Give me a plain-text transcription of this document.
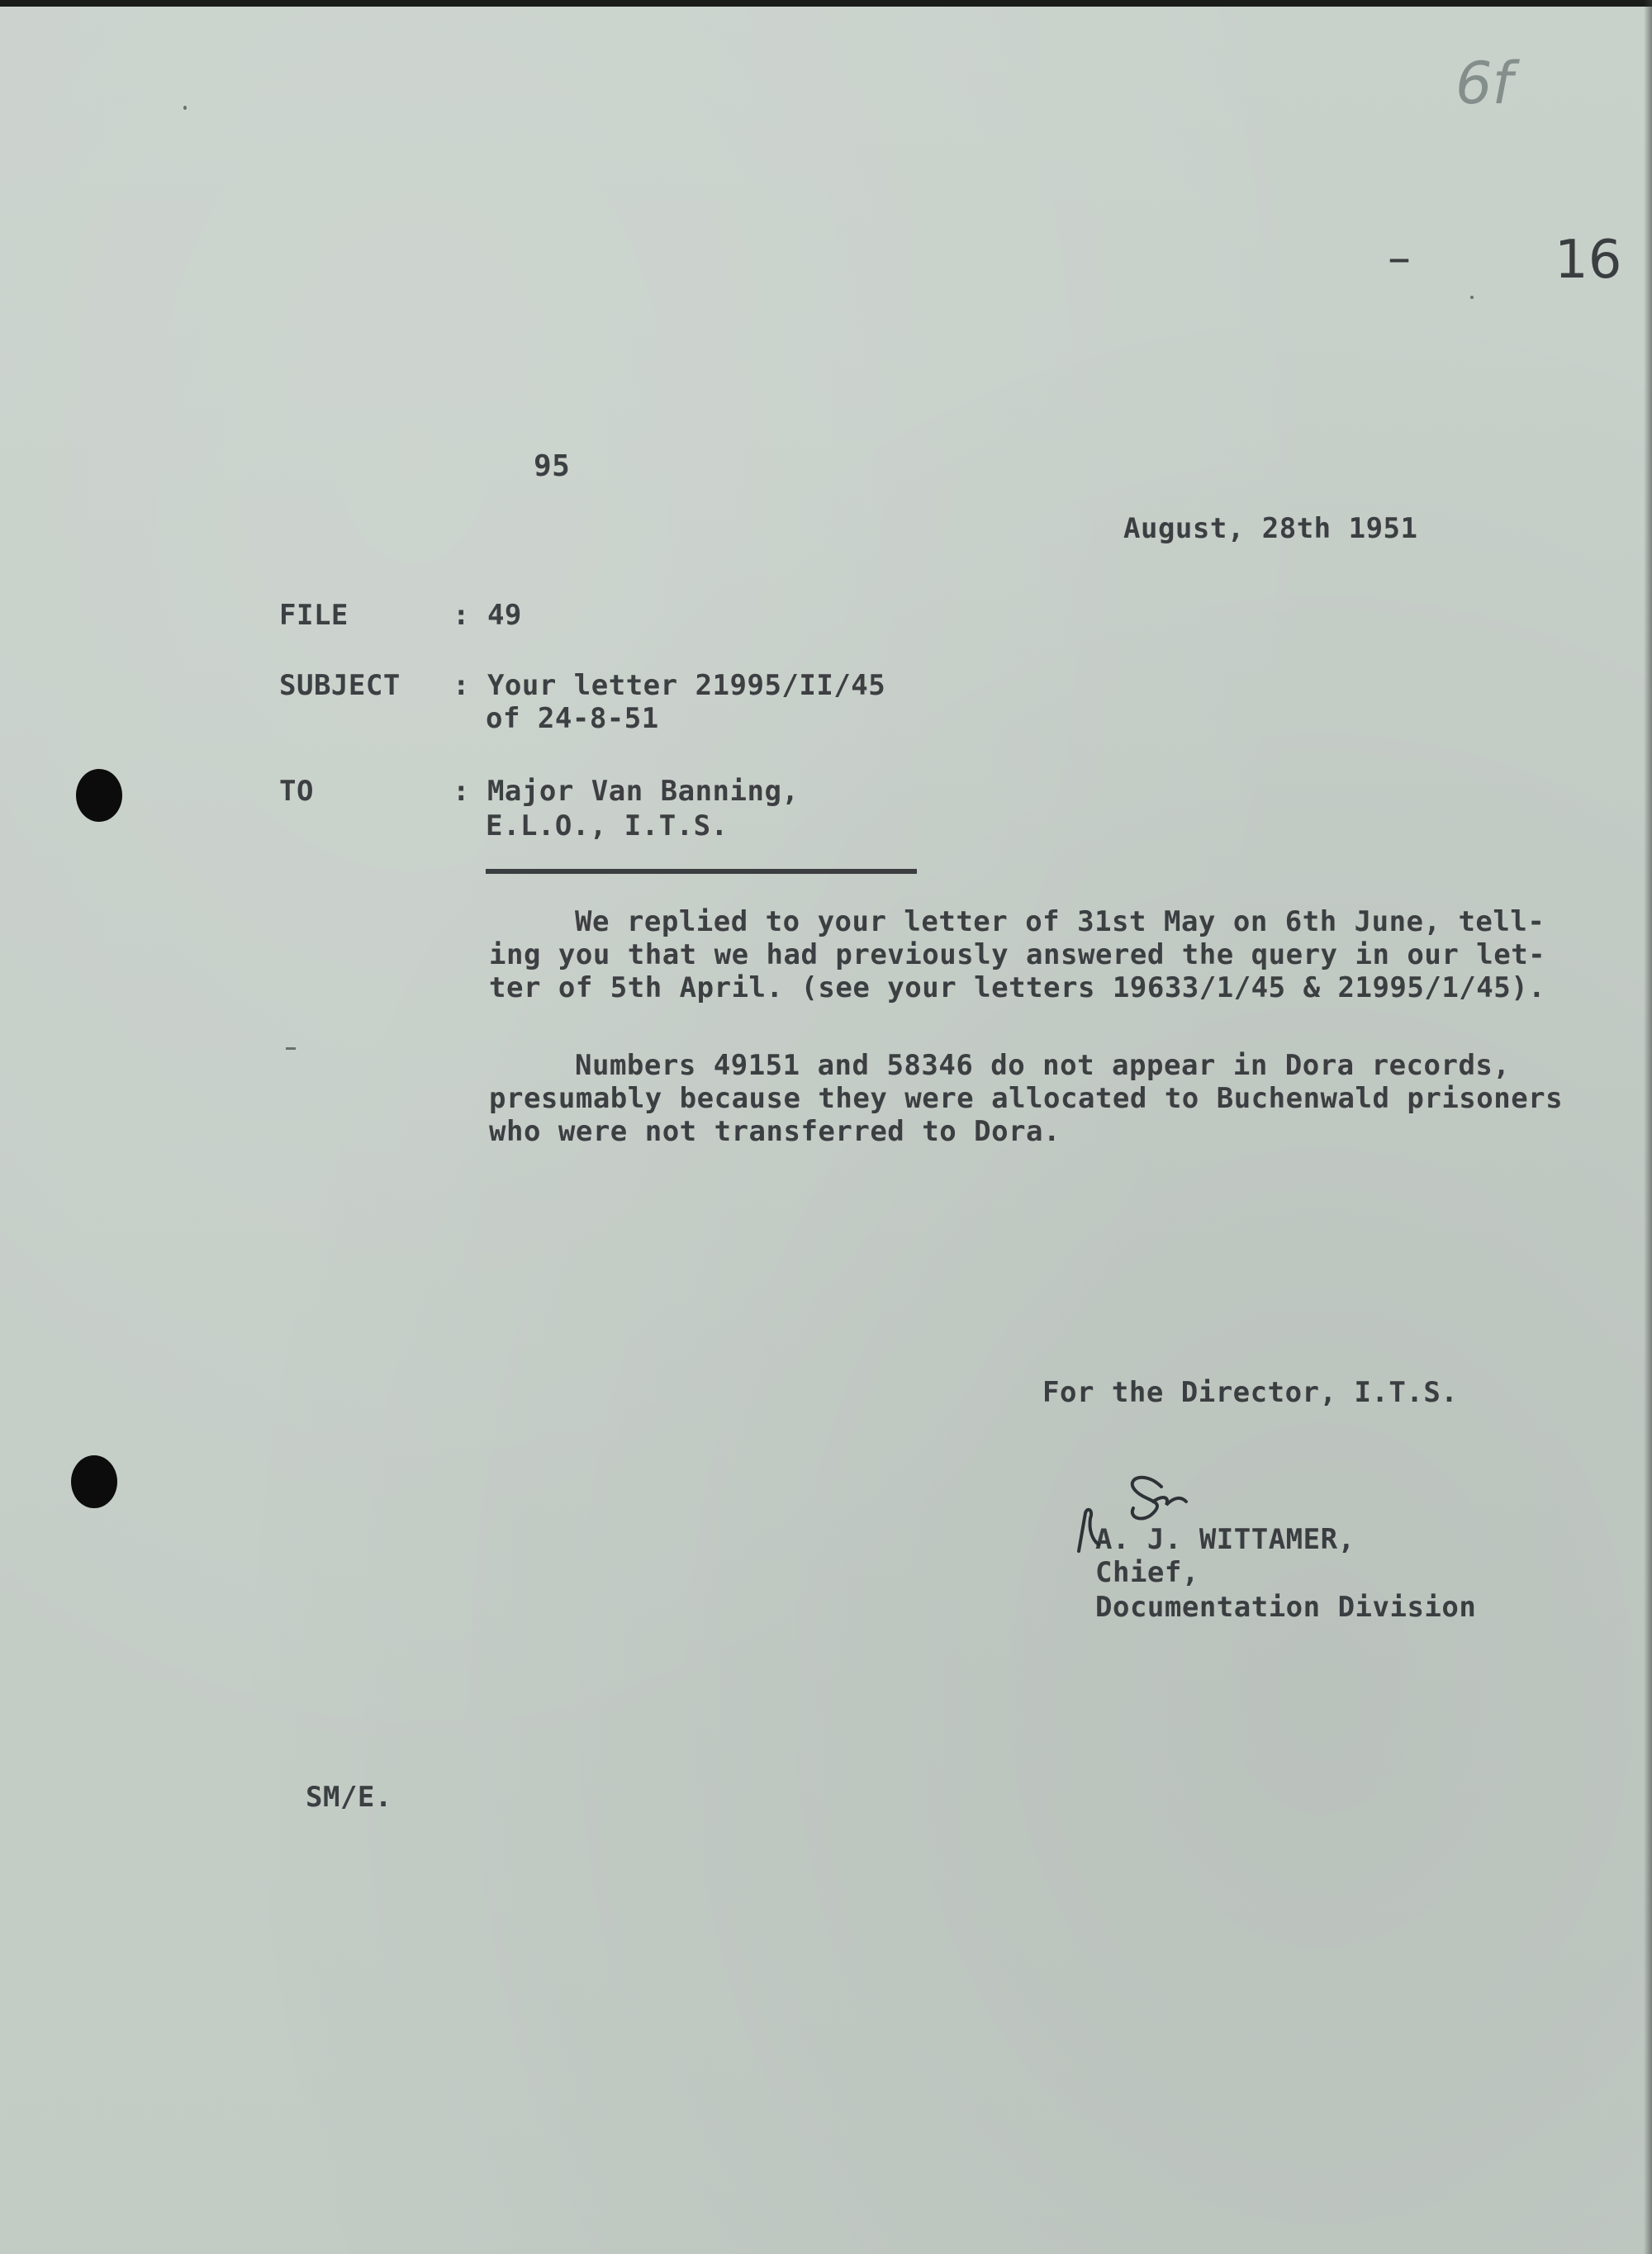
6f
–	16
95
August, 28th 1951
FILE	: 49
SUBJECT : Your letter 21995/II/45
of 24-8-51
TO	: Major Van Banning,
E.L.O., I.T.S.
We replied to your letter of 31st May on 6th June, tell-
ing you that we had previously answered the query in our let-
ter of 5th April. (see your letters 19633/1/45 & 21995/1/45).
Numbers 49151 and 58346 do not appear in Dora records,
presumably because they were allocated to Buchenwald prisoners
who were not transferred to Dora.
For the Director, I.T.S.
A. J. WITTAMER,
Chief,
Documentation Division
SM/E.
